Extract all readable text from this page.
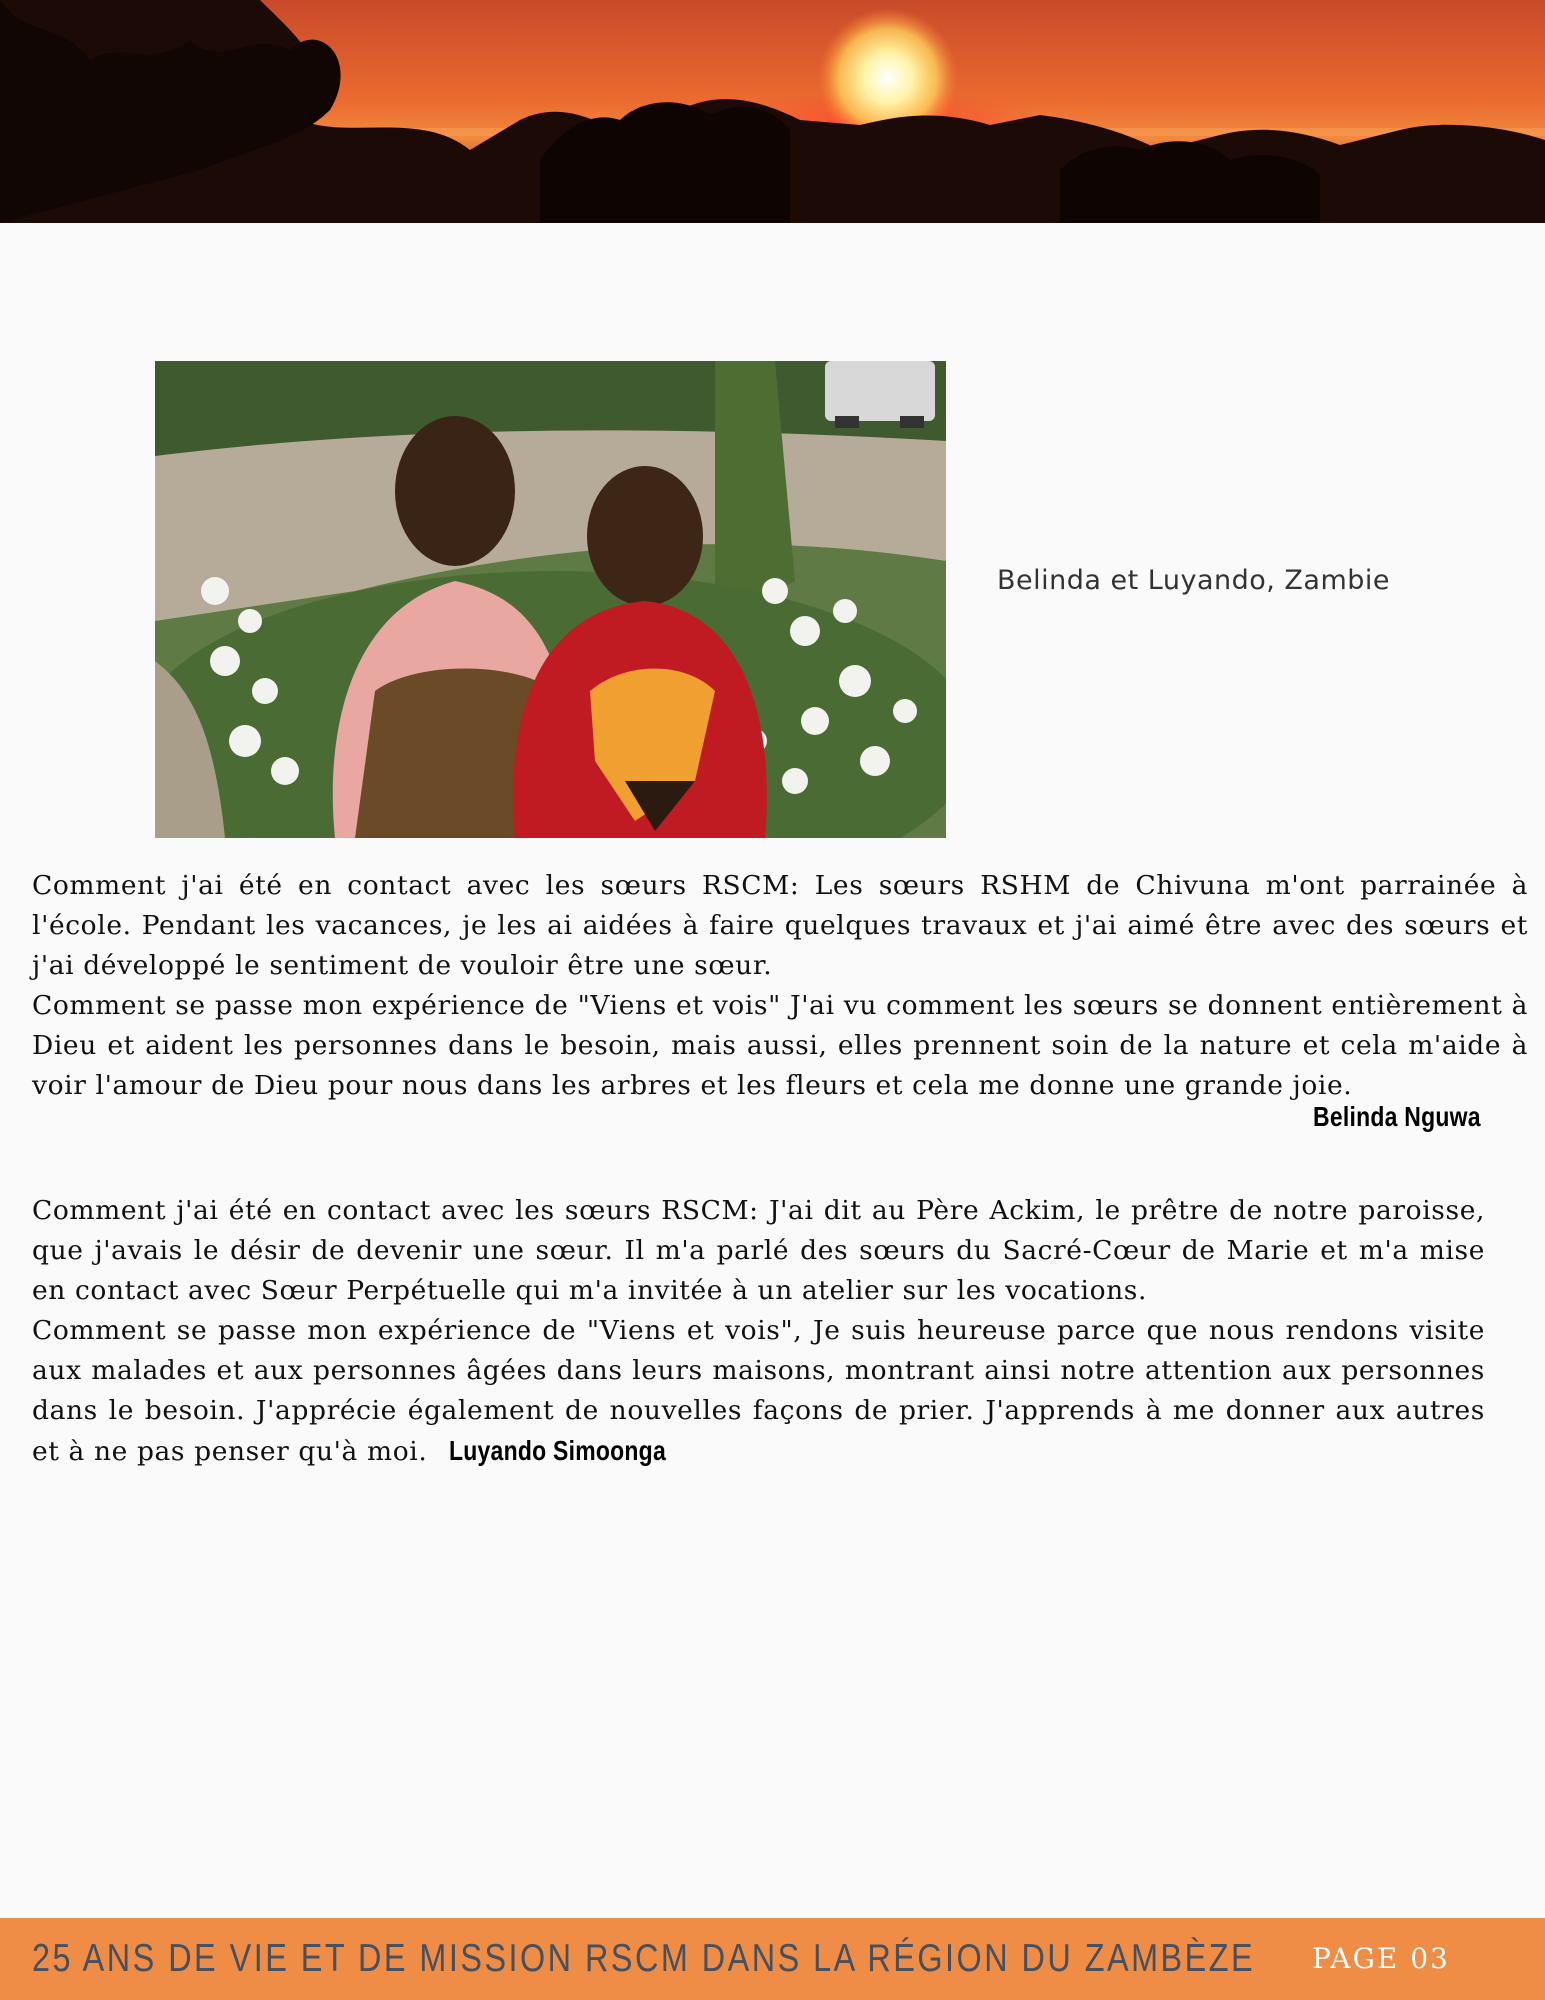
Belinda et Luyando, Zambie

Comment j'ai été en contact avec les sœurs RSCM: Les sœurs RSHM de Chivuna m'ont parrainée à l'école. Pendant les vacances, je les ai aidées à faire quelques travaux et j'ai aimé être avec des sœurs et j'ai développé le sentiment de vouloir être une sœur.

Comment se passe mon expérience de "Viens et vois" J'ai vu comment les sœurs se donnent entièrement à Dieu et aident les personnes dans le besoin, mais aussi, elles prennent soin de la nature et cela m'aide à voir l'amour de Dieu pour nous dans les arbres et les fleurs et cela me donne une grande joie.

Belinda Nguwa

Comment j'ai été en contact avec les sœurs RSCM: J'ai dit au Père Ackim, le prêtre de notre paroisse, que j'avais le désir de devenir une sœur. Il m'a parlé des sœurs du Sacré-Cœur de Marie et m'a mise en contact avec Sœur Perpétuelle qui m'a invitée à un atelier sur les vocations.

Comment se passe mon expérience de "Viens et vois", Je suis heureuse parce que nous rendons visite aux malades et aux personnes âgées dans leurs maisons, montrant ainsi notre attention aux personnes dans le besoin. J'apprécie également de nouvelles façons de prier. J'apprends à me donner aux autres et à ne pas penser qu'à moi. Luyando Simoonga

25 ANS DE VIE ET DE MISSION RSCM DANS LA RÉGION DU ZAMBÈZE PAGE 03
